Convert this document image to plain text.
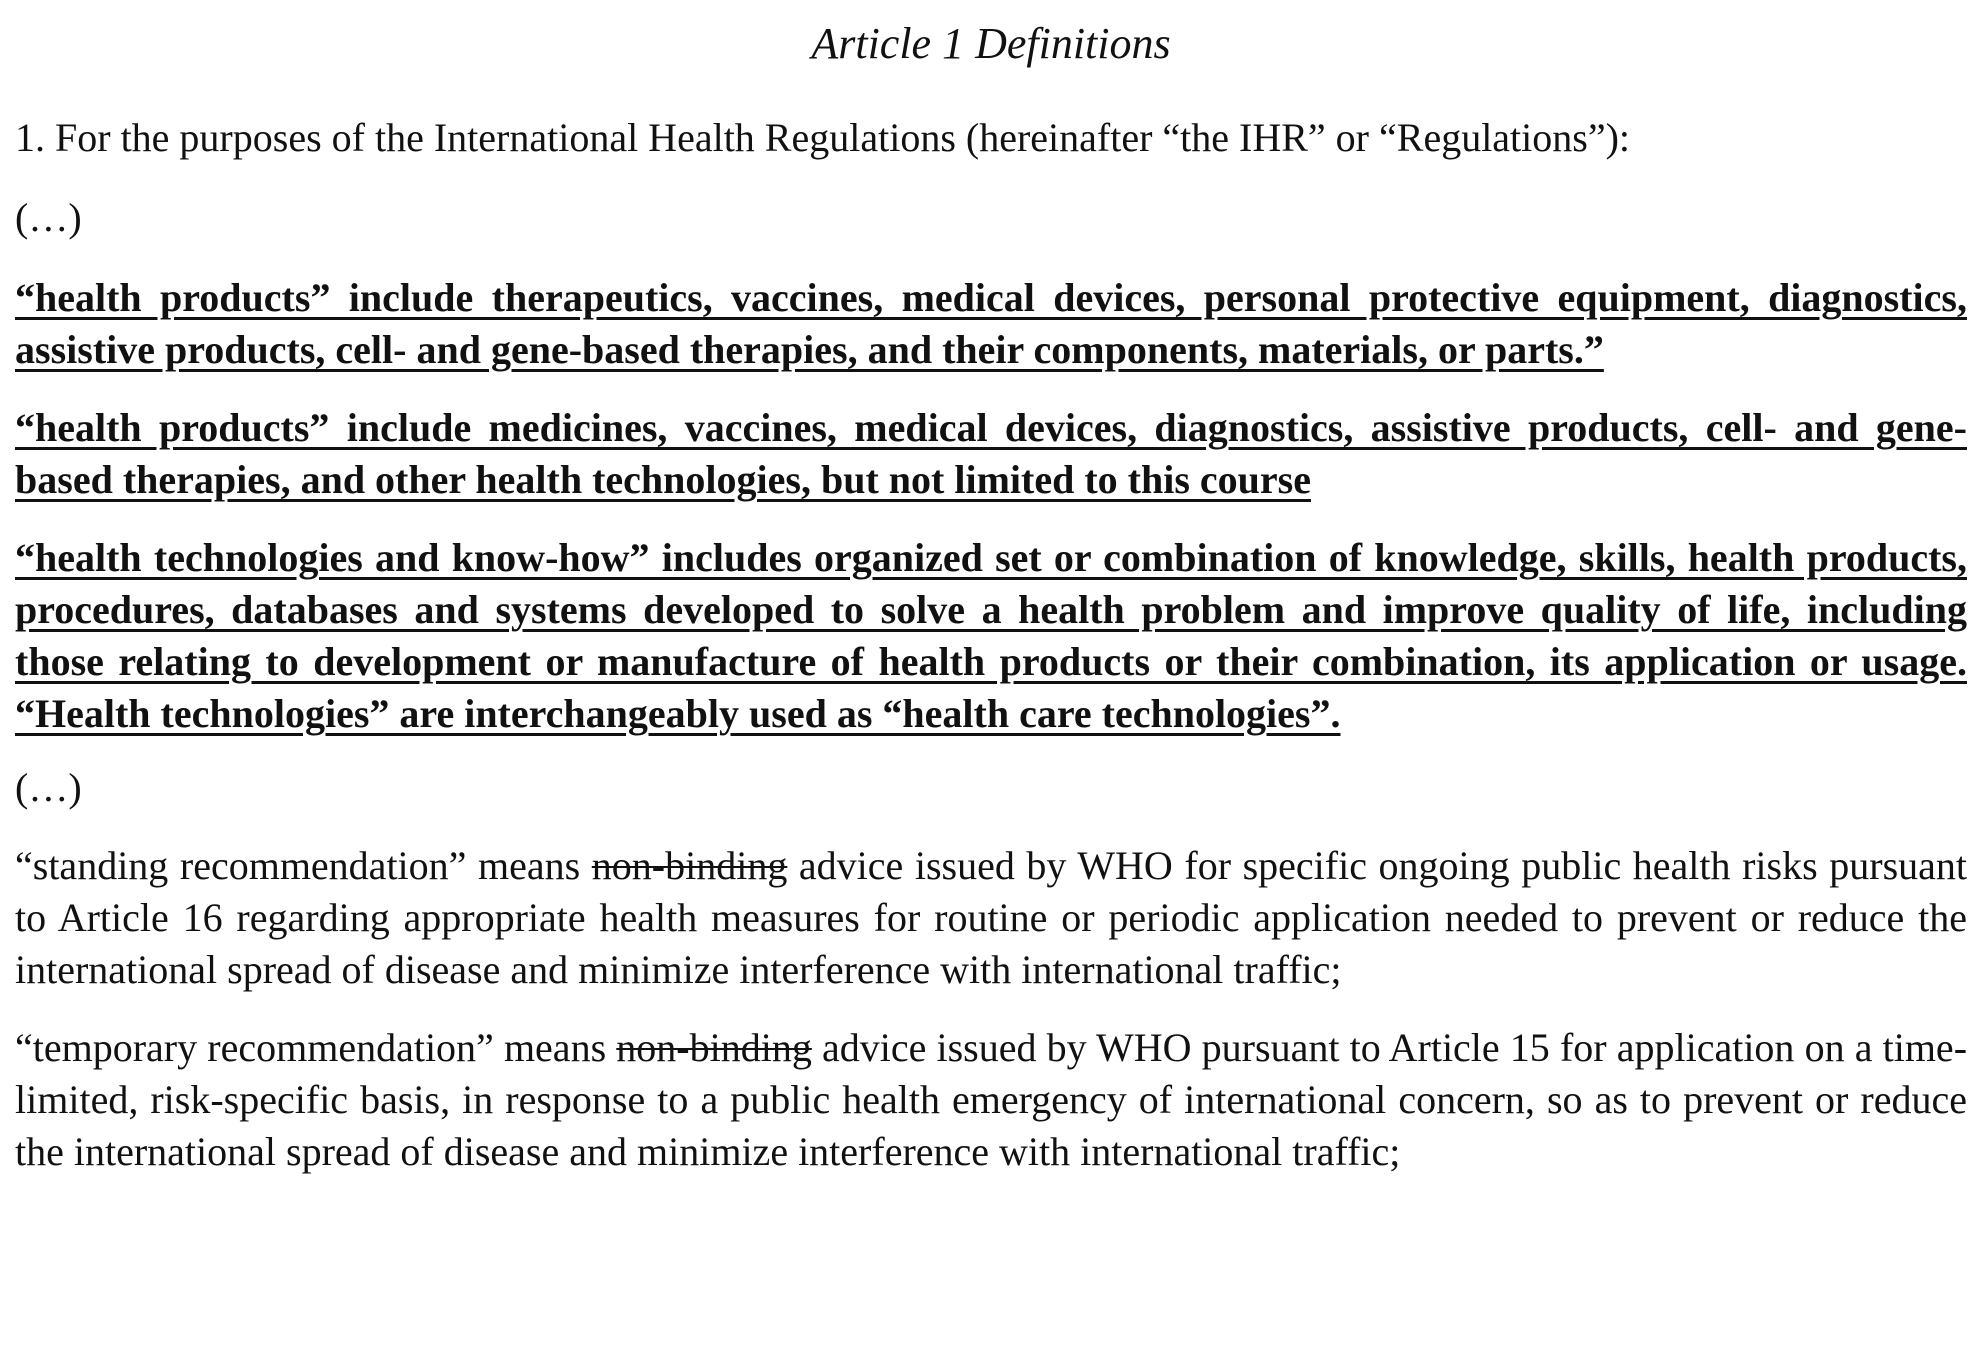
Article 1 Definitions

1. For the purposes of the International Health Regulations (hereinafter “the IHR” or “Regulations”):

(…)

“health products” include therapeutics, vaccines, medical devices, personal protective equipment, diagnostics, assistive products, cell- and gene-based therapies, and their components, materials, or parts.”

“health products” include medicines, vaccines, medical devices, diagnostics, assistive products, cell- and gene-based therapies, and other health technologies, but not limited to this course

“health technologies and know-how” includes organized set or combination of knowledge, skills, health products, procedures, databases and systems developed to solve a health problem and improve quality of life, including those relating to development or manufacture of health products or their combination, its application or usage. “Health technologies” are interchangeably used as “health care technologies”.

(…)

“standing recommendation” means non-binding advice issued by WHO for specific ongoing public health risks pursuant to Article 16 regarding appropriate health measures for routine or periodic application needed to prevent or reduce the international spread of disease and minimize interference with international traffic;

“temporary recommendation” means non-binding advice issued by WHO pursuant to Article 15 for application on a time-limited, risk-specific basis, in response to a public health emergency of international concern, so as to prevent or reduce the international spread of disease and minimize interference with international traffic;
